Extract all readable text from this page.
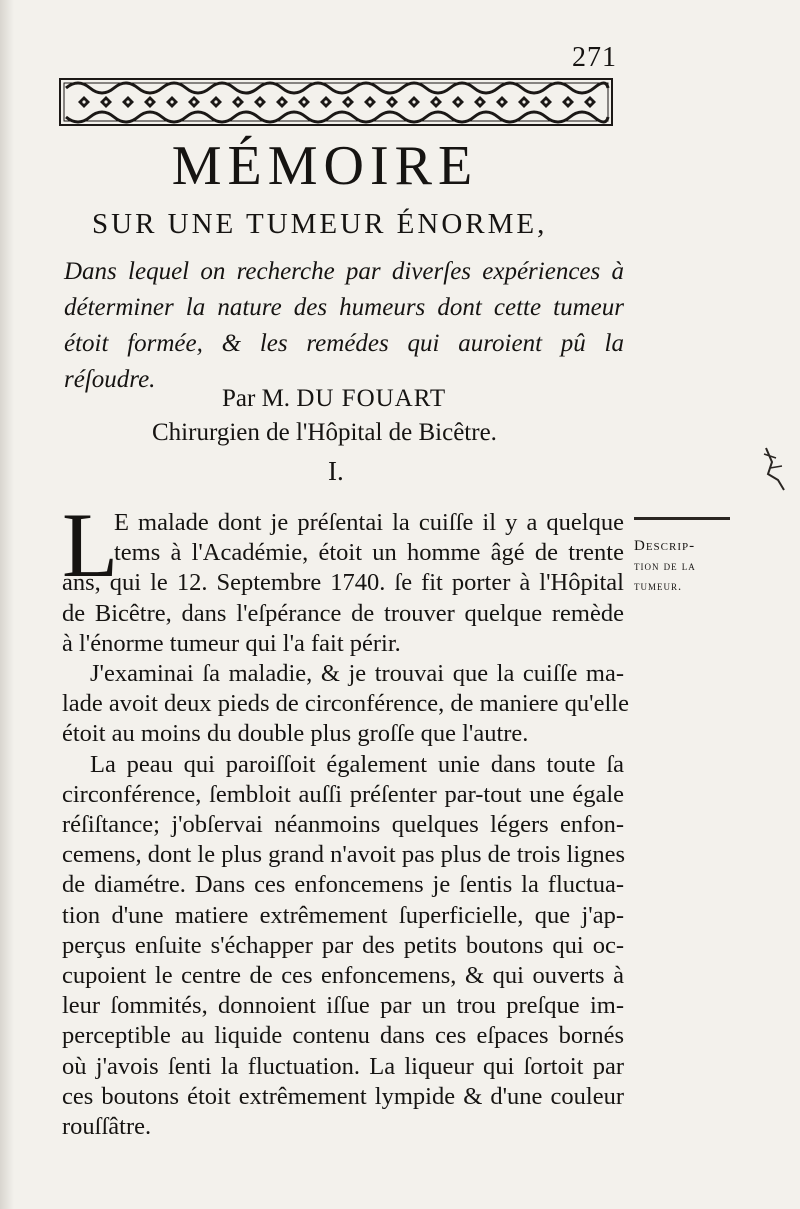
271
MÉMOIRE
SUR UNE TUMEUR ÉNORME,
Dans lequel on recherche par diverſes expériences à
déterminer la nature des humeurs dont cette tumeur
étoit formée, & les remédes qui auroient pû la
réſoudre.
Par M. DU FOUART
Chirurgien de l'Hôpital de Bicêtre.
I.
Descrip-
tion de la
tumeur.
L
E malade dont je préſentai la cuiſſe il y a quelque
tems à l'Académie, étoit un homme âgé de trente
ans, qui le 12. Septembre 1740. ſe fit porter à l'Hôpital
de Bicêtre, dans l'eſpérance de trouver quelque remède
à l'énorme tumeur qui l'a fait périr.
J'examinai ſa maladie, & je trouvai que la cuiſſe ma-
lade avoit deux pieds de circonférence, de maniere qu'elle
étoit au moins du double plus groſſe que l'autre.
La peau qui paroiſſoit également unie dans toute ſa
circonférence, ſembloit auſſi préſenter par-tout une égale
réſiſtance; j'obſervai néanmoins quelques légers enfon-
cemens, dont le plus grand n'avoit pas plus de trois lignes
de diamétre. Dans ces enfoncemens je ſentis la fluctua-
tion d'une matiere extrêmement ſuperficielle, que j'ap-
perçus enſuite s'échapper par des petits boutons qui oc-
cupoient le centre de ces enfoncemens, & qui ouverts à
leur ſommités, donnoient iſſue par un trou preſque im-
perceptible au liquide contenu dans ces eſpaces bornés
où j'avois ſenti la fluctuation. La liqueur qui ſortoit par
ces boutons étoit extrêmement lympide & d'une couleur
rouſſâtre.
